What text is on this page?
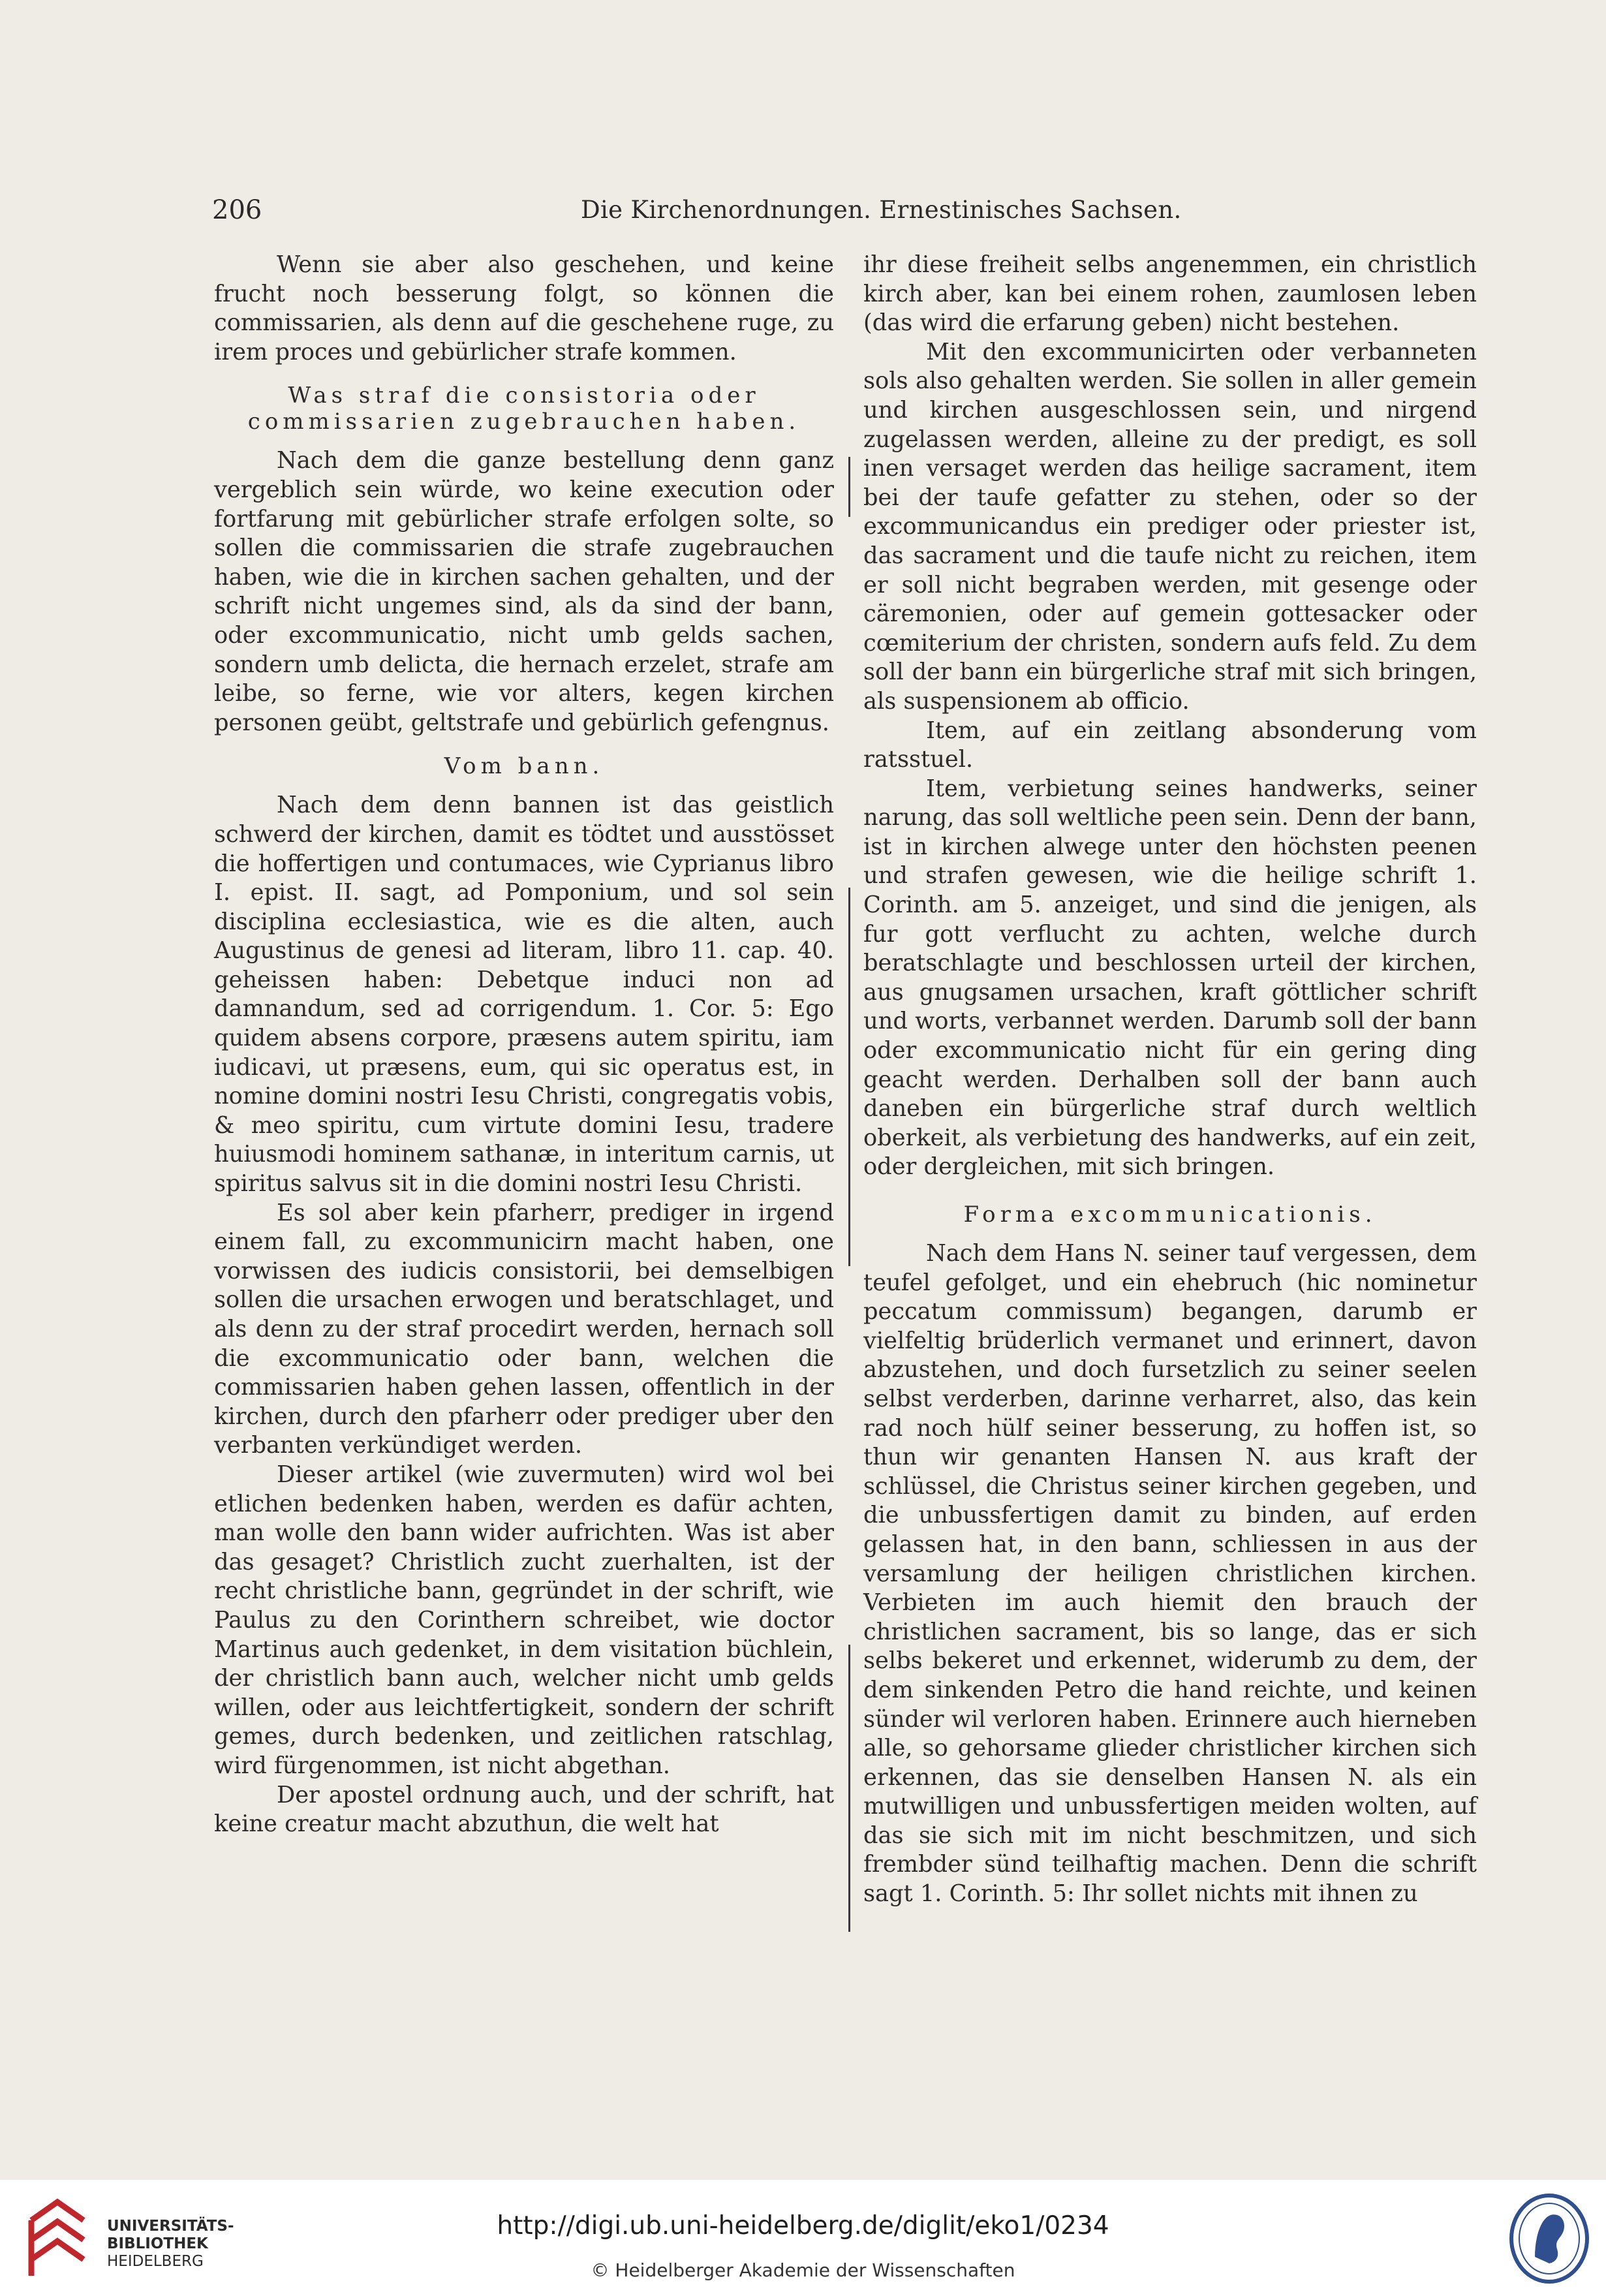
206	Die Kirchenordnungen. Ernestinisches Sachsen.

Wenn sie aber also geschehen, und keine frucht noch besserung folgt, so können die commissarien, als denn auf die geschehene ruge, zu irem proces und gebürlicher strafe kommen.

Was straf die consistoria oder commissarien zugebrauchen haben.

Nach dem die ganze bestellung denn ganz vergeblich sein würde, wo keine execution oder fortfarung mit gebürlicher strafe erfolgen solte, so sollen die commissarien die strafe zugebrauchen haben, wie die in kirchen sachen gehalten, und der schrift nicht ungemes sind, als da sind der bann, oder excommunicatio, nicht umb gelds sachen, sondern umb delicta, die hernach erzelet, strafe am leibe, so ferne, wie vor alters, kegen kirchen personen geübt, geltstrafe und gebürlich gefengnus.

Vom bann.

Nach dem denn bannen ist das geistlich schwerd der kirchen, damit es tödtet und ausstösset die hoffertigen und contumaces, wie Cyprianus libro I. epist. II. sagt, ad Pomponium, und sol sein disciplina ecclesiastica, wie es die alten, auch Augustinus de genesi ad literam, libro 11. cap. 40. geheissen haben: Debetque induci non ad damnandum, sed ad corrigendum. 1. Cor. 5: Ego quidem absens corpore, præsens autem spiritu, iam iudicavi, ut præsens, eum, qui sic operatus est, in nomine domini nostri Iesu Christi, congregatis vobis, & meo spiritu, cum virtute domini Iesu, tradere huiusmodi hominem sathanæ, in interitum carnis, ut spiritus salvus sit in die domini nostri Iesu Christi.

Es sol aber kein pfarherr, prediger in irgend einem fall, zu excommunicirn macht haben, one vorwissen des iudicis consistorii, bei demselbigen sollen die ursachen erwogen und beratschlaget, und als denn zu der straf procedirt werden, hernach soll die excommunicatio oder bann, welchen die commissarien haben gehen lassen, offentlich in der kirchen, durch den pfarherr oder prediger uber den verbanten verkündiget werden.

Dieser artikel (wie zuvermuten) wird wol bei etlichen bedenken haben, werden es dafür achten, man wolle den bann wider aufrichten. Was ist aber das gesaget? Christlich zucht zuerhalten, ist der recht christliche bann, gegründet in der schrift, wie Paulus zu den Corinthern schreibet, wie doctor Martinus auch gedenket, in dem visitation büchlein, der christlich bann auch, welcher nicht umb gelds willen, oder aus leichtfertigkeit, sondern der schrift gemes, durch bedenken, und zeitlichen ratschlag, wird fürgenommen, ist nicht abgethan.

Der apostel ordnung auch, und der schrift, hat keine creatur macht abzuthun, die welt hat

ihr diese freiheit selbs angenemmen, ein christlich kirch aber, kan bei einem rohen, zaumlosen leben (das wird die erfarung geben) nicht bestehen.

Mit den excommunicirten oder verbanneten sols also gehalten werden. Sie sollen in aller gemein und kirchen ausgeschlossen sein, und nirgend zugelassen werden, alleine zu der predigt, es soll inen versaget werden das heilige sacrament, item bei der taufe gefatter zu stehen, oder so der excommunicandus ein prediger oder priester ist, das sacrament und die taufe nicht zu reichen, item er soll nicht begraben werden, mit gesenge oder cäremonien, oder auf gemein gottesacker oder cœmiterium der christen, sondern aufs feld. Zu dem soll der bann ein bürgerliche straf mit sich bringen, als suspensionem ab officio.

Item, auf ein zeitlang absonderung vom ratsstuel.

Item, verbietung seines handwerks, seiner narung, das soll weltliche peen sein. Denn der bann, ist in kirchen alwege unter den höchsten peenen und strafen gewesen, wie die heilige schrift 1. Corinth. am 5. anzeiget, und sind die jenigen, als fur gott verflucht zu achten, welche durch beratschlagte und beschlossen urteil der kirchen, aus gnugsamen ursachen, kraft göttlicher schrift und worts, verbannet werden. Darumb soll der bann oder excommunicatio nicht für ein gering ding geacht werden. Derhalben soll der bann auch daneben ein bürgerliche straf durch weltlich oberkeit, als verbietung des handwerks, auf ein zeit, oder dergleichen, mit sich bringen.

Forma excommunicationis.

Nach dem Hans N. seiner tauf vergessen, dem teufel gefolget, und ein ehebruch (hic nominetur peccatum commissum) begangen, darumb er vielfeltig brüderlich vermanet und erinnert, davon abzustehen, und doch fursetzlich zu seiner seelen selbst verderben, darinne verharret, also, das kein rad noch hülf seiner besserung, zu hoffen ist, so thun wir genanten Hansen N. aus kraft der schlüssel, die Christus seiner kirchen gegeben, und die unbussfertigen damit zu binden, auf erden gelassen hat, in den bann, schliessen in aus der versamlung der heiligen christlichen kirchen. Verbieten im auch hiemit den brauch der christlichen sacrament, bis so lange, das er sich selbs bekeret und erkennet, widerumb zu dem, der dem sinkenden Petro die hand reichte, und keinen sünder wil verloren haben. Erinnere auch hierneben alle, so gehorsame glieder christlicher kirchen sich erkennen, das sie denselben Hansen N. als ein mutwilligen und unbussfertigen meiden wolten, auf das sie sich mit im nicht beschmitzen, und sich frembder sünd teilhaftig machen. Denn die schrift sagt 1. Corinth. 5: Ihr sollet nichts mit ihnen zu

UNIVERSITÄTS-
BIBLIOTHEK
HEIDELBERG
http://digi.ub.uni-heidelberg.de/diglit/eko1/0234
© Heidelberger Akademie der Wissenschaften
